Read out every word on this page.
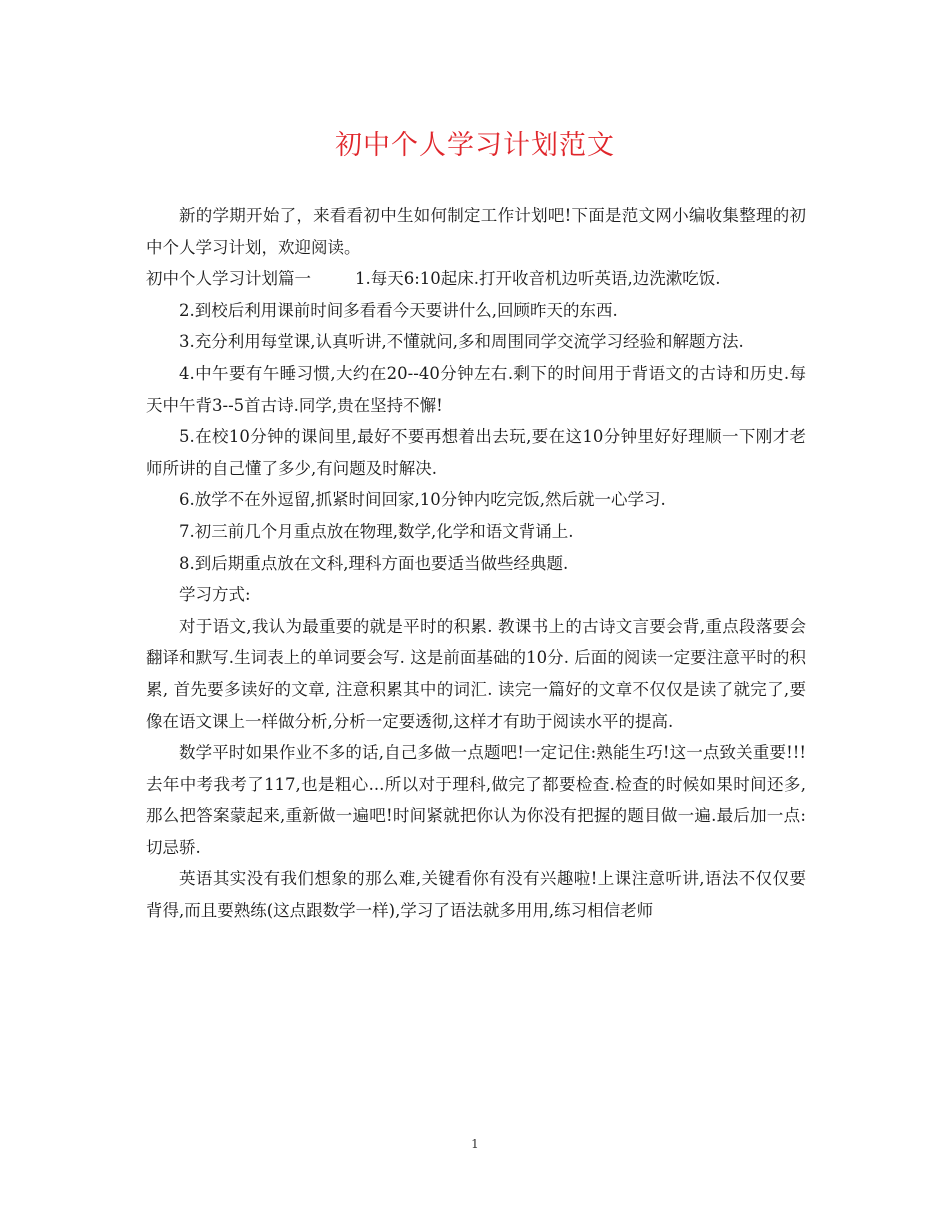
初中个人学习计划范文

新的学期开始了，来看看初中生如何制定工作计划吧!下面是范文网小编收集整理的初中个人学习计划，欢迎阅读。

初中个人学习计划篇一	1.每天6:10起床.打开收音机边听英语,边洗漱吃饭.

2.到校后利用课前时间多看看今天要讲什么,回顾昨天的东西.

3.充分利用每堂课,认真听讲,不懂就问,多和周围同学交流学习经验和解题方法.

4.中午要有午睡习惯,大约在20--40分钟左右.剩下的时间用于背语文的古诗和历史.每天中午背3--5首古诗.同学,贵在坚持不懈!

5.在校10分钟的课间里,最好不要再想着出去玩,要在这10分钟里好好理顺一下刚才老师所讲的自己懂了多少,有问题及时解决.

6.放学不在外逗留,抓紧时间回家,10分钟内吃完饭,然后就一心学习.

7.初三前几个月重点放在物理,数学,化学和语文背诵上.

8.到后期重点放在文科,理科方面也要适当做些经典题.

学习方式:

对于语文,我认为最重要的就是平时的积累. 教课书上的古诗文言要会背,重点段落要会翻译和默写.生词表上的单词要会写. 这是前面基础的10分. 后面的阅读一定要注意平时的积累, 首先要多读好的文章, 注意积累其中的词汇. 读完一篇好的文章不仅仅是读了就完了,要像在语文课上一样做分析,分析一定要透彻,这样才有助于阅读水平的提高.

数学平时如果作业不多的话,自己多做一点题吧!一定记住:熟能生巧!这一点致关重要!!!去年中考我考了117,也是粗心...所以对于理科,做完了都要检查.检查的时候如果时间还多,那么把答案蒙起来,重新做一遍吧!时间紧就把你认为你没有把握的题目做一遍.最后加一点:切忌骄.

英语其实没有我们想象的那么难,关键看你有没有兴趣啦!上课注意听讲,语法不仅仅要背得,而且要熟练(这点跟数学一样),学习了语法就多用用,练习相信老师

1
